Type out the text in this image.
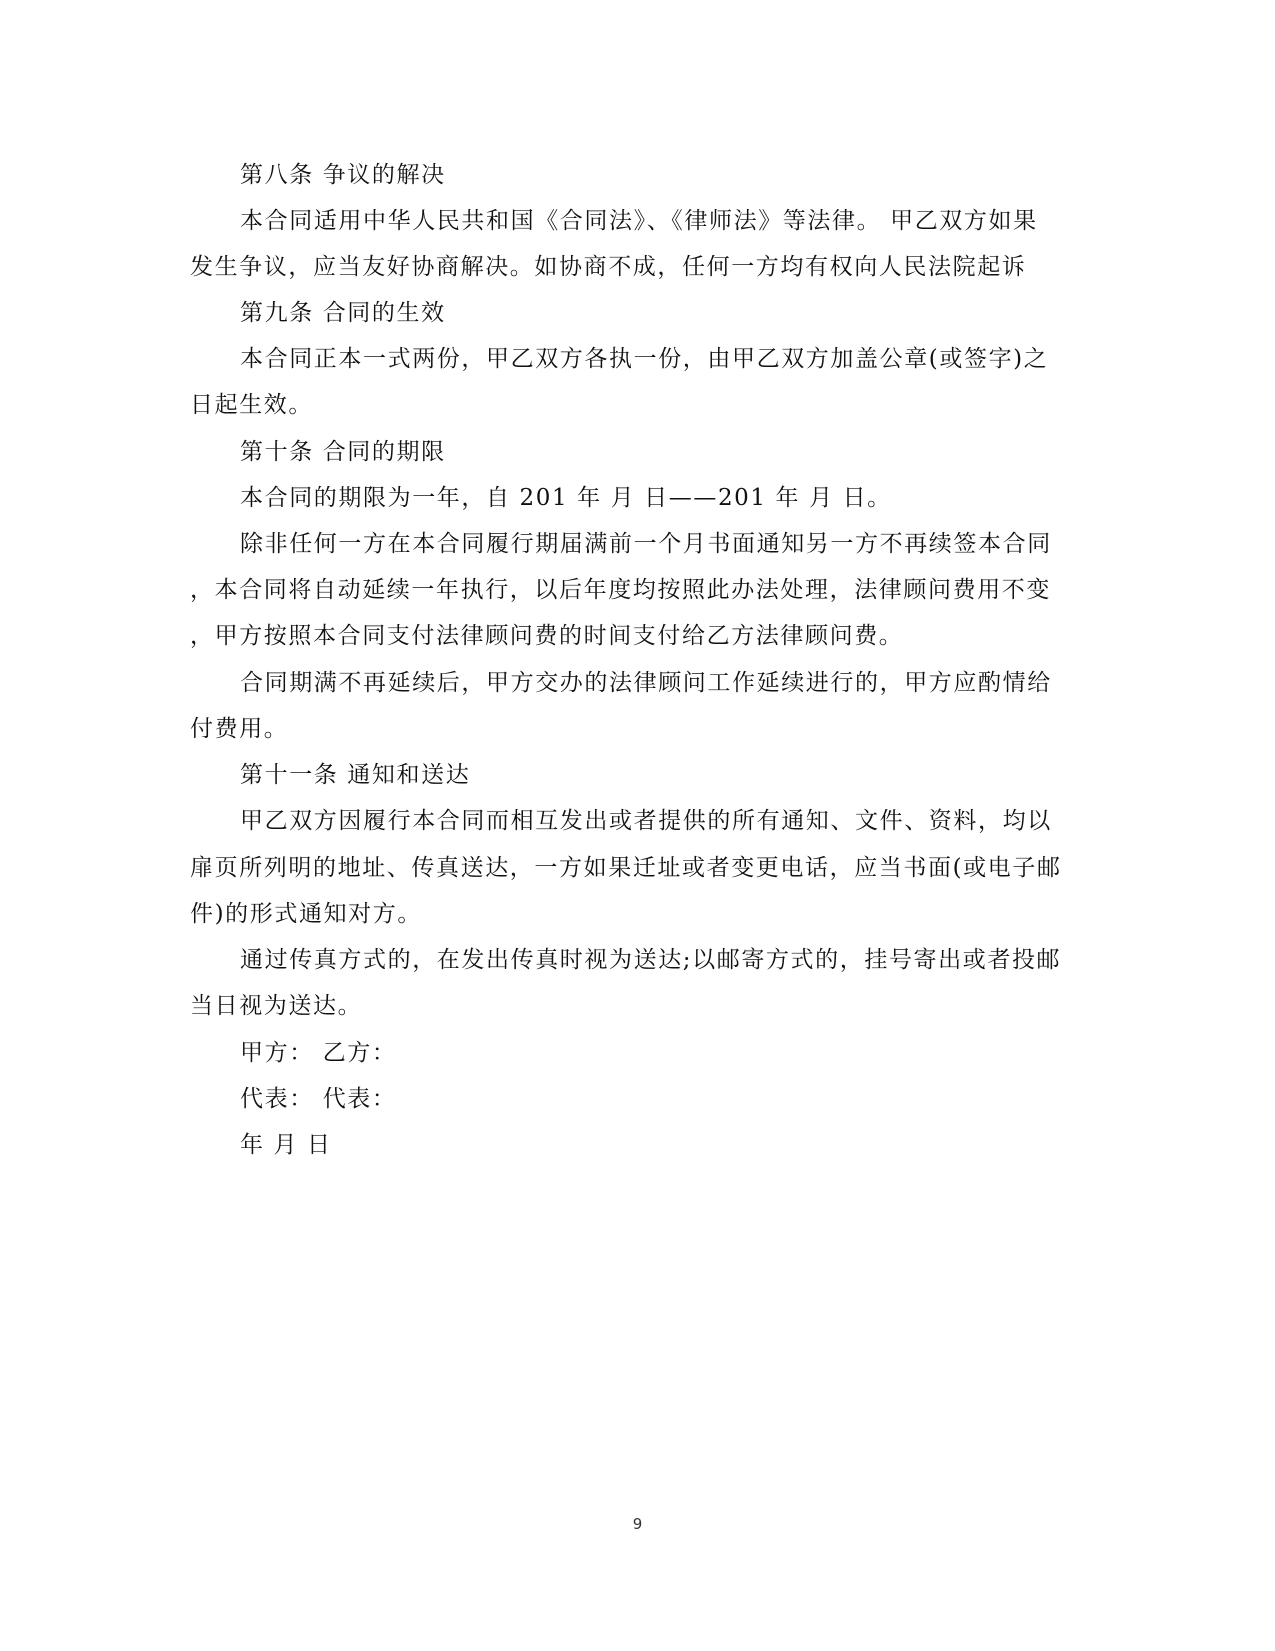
第八条 争议的解决
本合同适用中华人民共和国《合同法》、《律师法》等法律。 甲乙双方如果
发生争议，应当友好协商解决。如协商不成，任何一方均有权向人民法院起诉
第九条 合同的生效
本合同正本一式两份，甲乙双方各执一份，由甲乙双方加盖公章(或签字)之
日起生效。
第十条 合同的期限
本合同的期限为一年，自 201 年 月 日——201 年 月 日。
除非任何一方在本合同履行期届满前一个月书面通知另一方不再续签本合同
，本合同将自动延续一年执行，以后年度均按照此办法处理，法律顾问费用不变
，甲方按照本合同支付法律顾问费的时间支付给乙方法律顾问费。
合同期满不再延续后，甲方交办的法律顾问工作延续进行的，甲方应酌情给
付费用。
第十一条 通知和送达
甲乙双方因履行本合同而相互发出或者提供的所有通知、文件、资料，均以
扉页所列明的地址、传真送达，一方如果迁址或者变更电话，应当书面(或电子邮
件)的形式通知对方。
通过传真方式的，在发出传真时视为送达;以邮寄方式的，挂号寄出或者投邮
当日视为送达。
甲方： 乙方：
代表： 代表：
年 月 日
9
